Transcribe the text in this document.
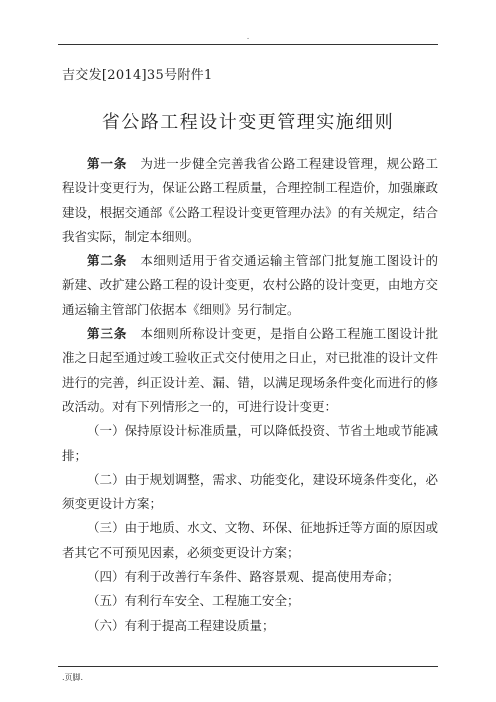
.
吉交发[2014]35号附件1
省公路工程设计变更管理实施细则

第一条　 为进一步健全完善我省公路工程建设管理，规公路工程设计变更行为，保证公路工程质量，合理控制工程造价，加强廉政建设，根据交通部《公路工程设计变更管理办法》的有关规定，结合我省实际，制定本细则。

第二条　 本细则适用于省交通运输主管部门批复施工图设计的新建、改扩建公路工程的设计变更，农村公路的设计变更，由地方交通运输主管部门依据本《细则》另行制定。

第三条　 本细则所称设计变更，是指自公路工程施工图设计批准之日起至通过竣工验收正式交付使用之日止，对已批准的设计文件进行的完善，纠正设计差、漏、错，以满足现场条件变化而进行的修改活动。对有下列情形之一的，可进行设计变更：

（一）保持原设计标准质量，可以降低投资、节省土地或节能减排；

（二）由于规划调整，需求、功能变化，建设环境条件变化，必须变更设计方案；

（三）由于地质、水文、文物、环保、征地拆迁等方面的原因或者其它不可预见因素，必须变更设计方案；

（四）有利于改善行车条件、路容景观、提高使用寿命；

（五）有利行车安全、工程施工安全；

（六）有利于提高工程建设质量；

.页脚.
